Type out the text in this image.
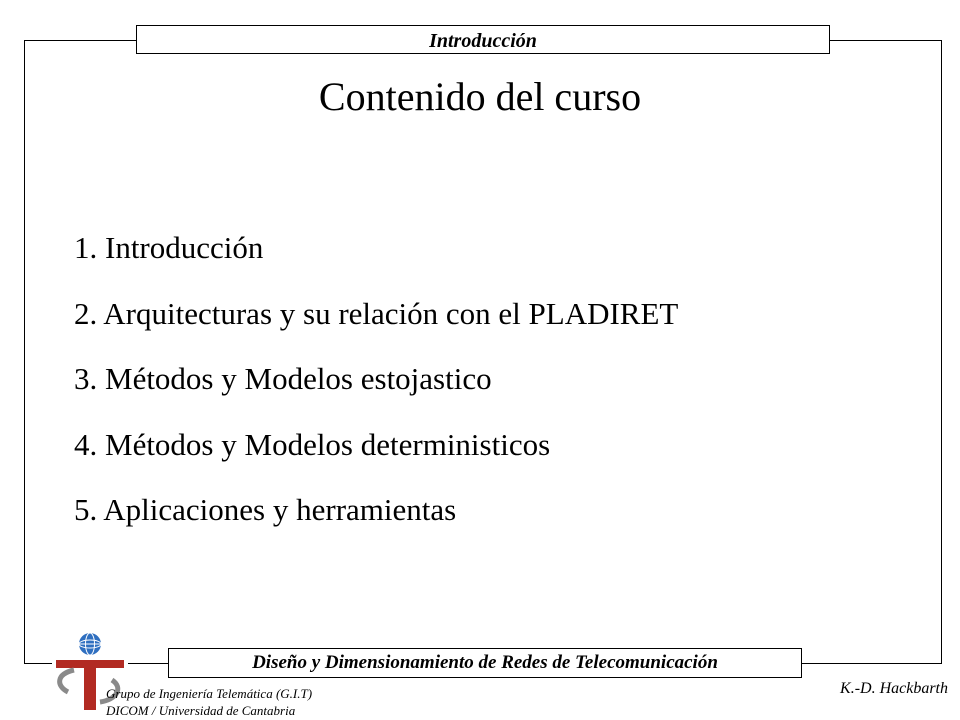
Introducción
Contenido del curso
1. Introducción
2. Arquitecturas y su relación con el PLADIRET
3. Métodos y Modelos estojastico
4. Métodos y Modelos deterministicos
5. Aplicaciones y herramientas
Diseño y Dimensionamiento de Redes de Telecomunicación
Grupo de Ingeniería Telemática (G.I.T)
DICOM / Universidad de Cantabria
K.-D. Hackbarth
